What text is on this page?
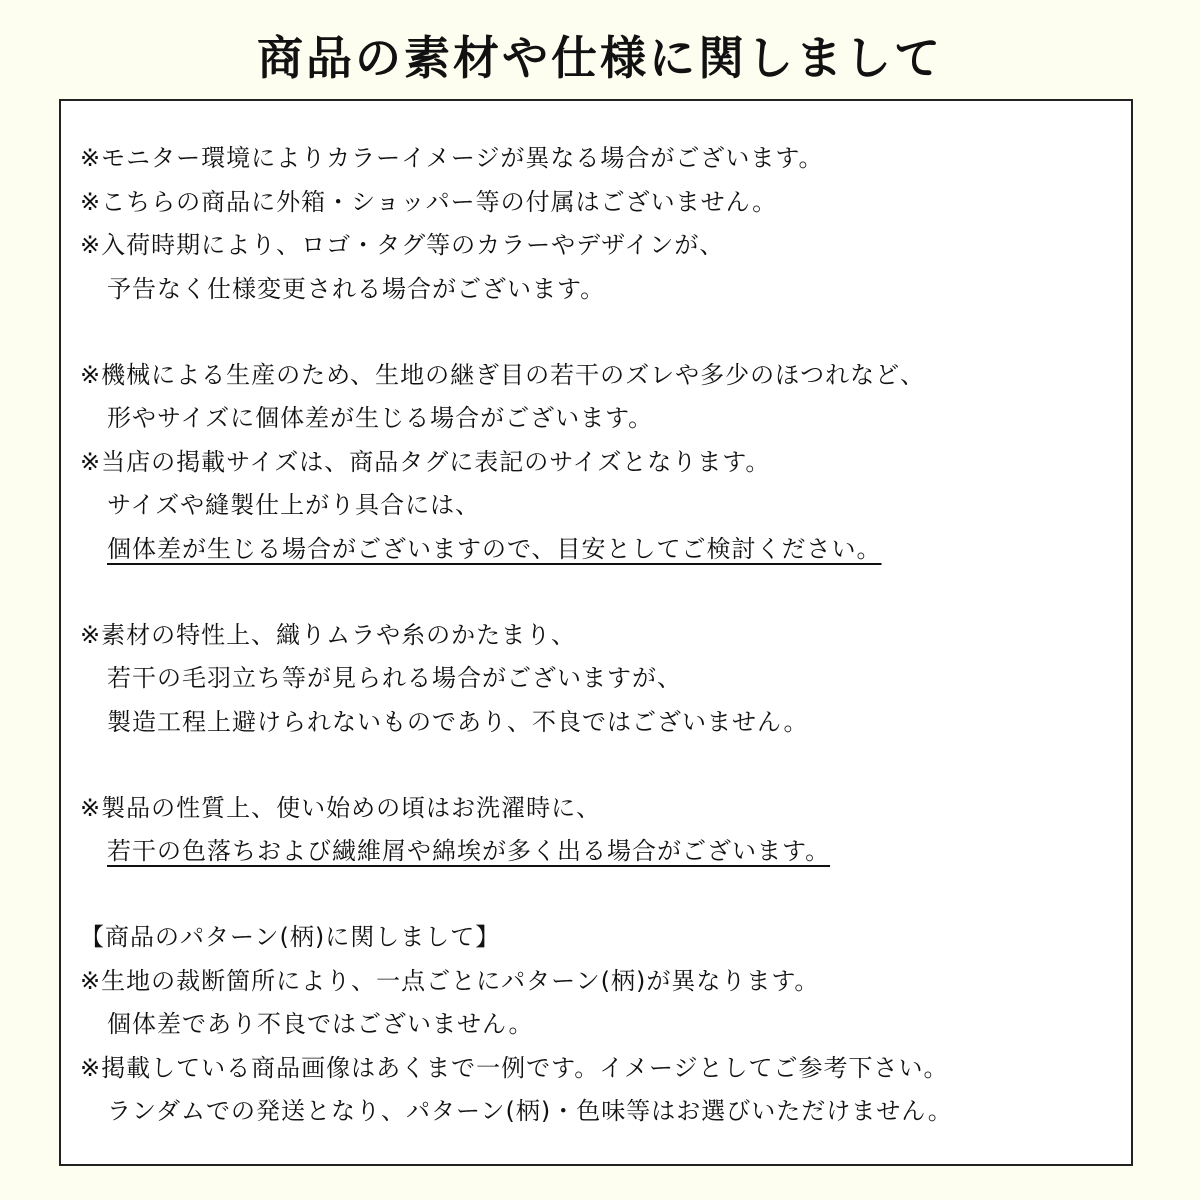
商品の素材や仕様に関しまして
※モニター環境によりカラーイメージが異なる場合がございます。
※こちらの商品に外箱・ショッパー等の付属はございません。
※入荷時期により、ロゴ・タグ等のカラーやデザインが、
予告なく仕様変更される場合がございます。
※機械による生産のため、生地の継ぎ目の若干のズレや多少のほつれなど、
形やサイズに個体差が生じる場合がございます。
※当店の掲載サイズは、商品タグに表記のサイズとなります。
サイズや縫製仕上がり具合には、
個体差が生じる場合がございますので、目安としてご検討ください。
※素材の特性上、織りムラや糸のかたまり、
若干の毛羽立ち等が見られる場合がございますが、
製造工程上避けられないものであり、不良ではございません。
※製品の性質上、使い始めの頃はお洗濯時に、
若干の色落ちおよび繊維屑や綿埃が多く出る場合がございます。
【商品のパターン(柄)に関しまして】
※生地の裁断箇所により、一点ごとにパターン(柄)が異なります。
個体差であり不良ではございません。
※掲載している商品画像はあくまで一例です。イメージとしてご参考下さい。
ランダムでの発送となり、パターン(柄)・色味等はお選びいただけません。
